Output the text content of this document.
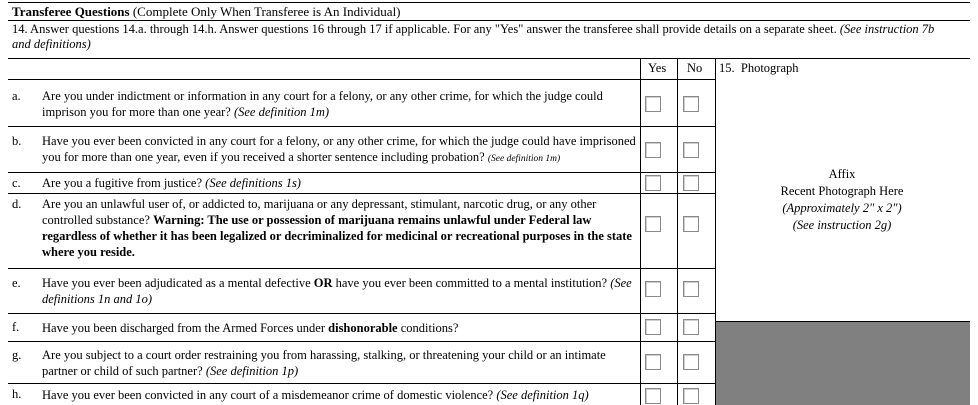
Transferee Questions (Complete Only When Transferee is An Individual)
14. Answer questions 14.a. through 14.h. Answer questions 16 through 17 if applicable. For any "Yes" answer the transferee shall provide details on a separate sheet. (See instruction 7b and definitions)
Yes No 15. Photograph
a. Are you under indictment or information in any court for a felony, or any other crime, for which the judge could imprison you for more than one year? (See definition 1m)
b. Have you ever been convicted in any court for a felony, or any other crime, for which the judge could have imprisoned you for more than one year, even if you received a shorter sentence including probation? (See definition 1m)
c. Are you a fugitive from justice? (See definitions 1s)
d. Are you an unlawful user of, or addicted to, marijuana or any depressant, stimulant, narcotic drug, or any other controlled substance? Warning: The use or possession of marijuana remains unlawful under Federal law regardless of whether it has been legalized or decriminalized for medicinal or recreational purposes in the state where you reside.
e. Have you ever been adjudicated as a mental defective OR have you ever been committed to a mental institution? (See definitions 1n and 1o)
f. Have you been discharged from the Armed Forces under dishonorable conditions?
g. Are you subject to a court order restraining you from harassing, stalking, or threatening your child or an intimate partner or child of such partner? (See definition 1p)
h. Have you ever been convicted in any court of a misdemeanor crime of domestic violence? (See definition 1q)
Affix
Recent Photograph Here
(Approximately 2" x 2")
(See instruction 2g)
